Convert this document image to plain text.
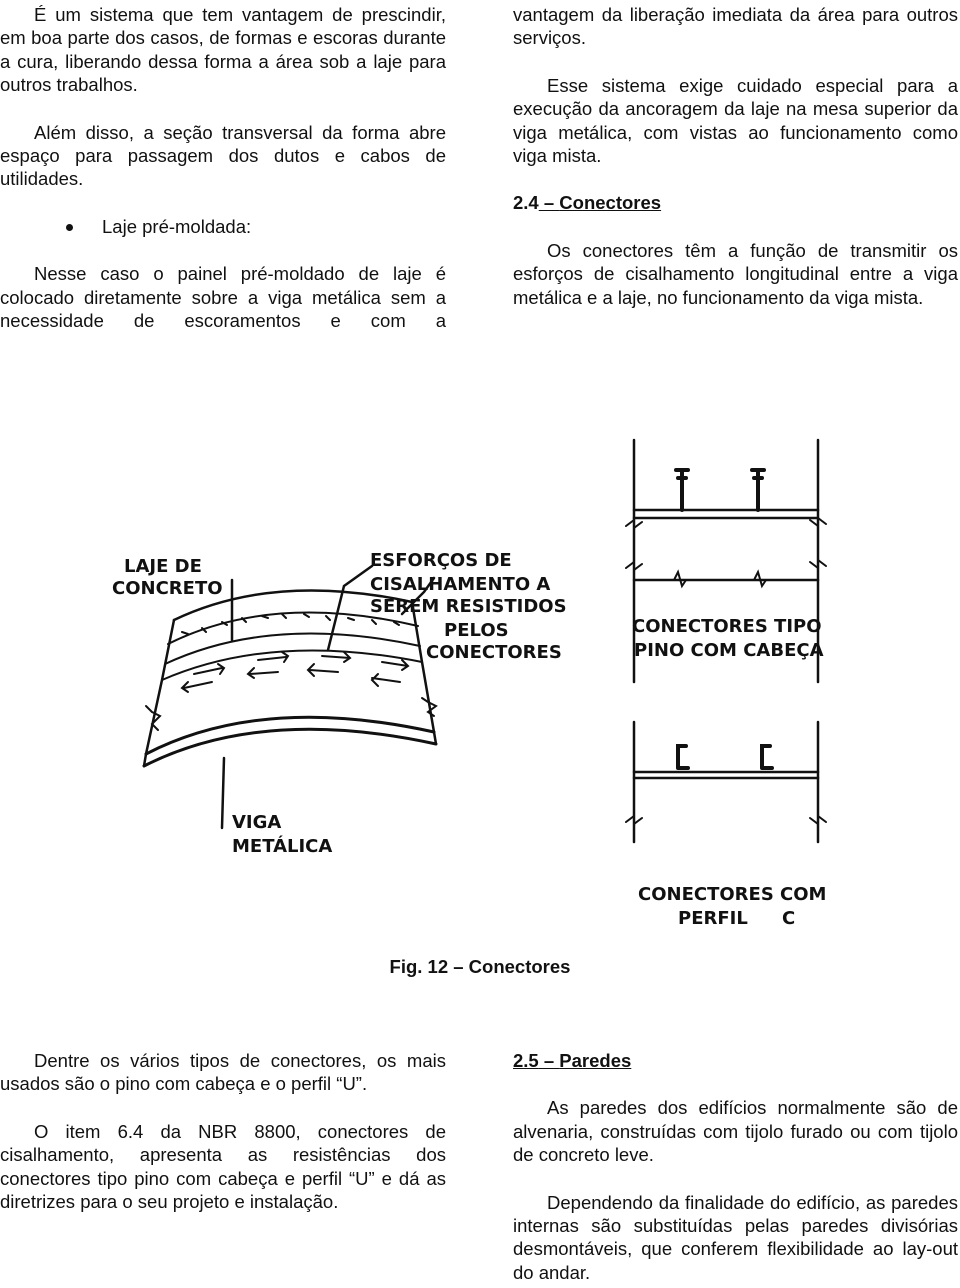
É um sistema que tem vantagem de prescindir, em boa parte dos casos, de formas e escoras durante a cura, liberando dessa forma a área sob a laje para outros trabalhos.

Além disso, a seção transversal da forma abre espaço para passagem dos dutos e cabos de utilidades.

Laje pré-moldada:

Nesse caso o painel pré-moldado de laje é colocado diretamente sobre a viga metálica sem a necessidade de escoramentos e com a

vantagem da liberação imediata da área para outros serviços.

Esse sistema exige cuidado especial para a execução da ancoragem da laje na mesa superior da viga metálica, com vistas ao funcionamento como viga mista.

2.4 – Conectores

Os conectores têm a função de transmitir os esforços de cisalhamento longitudinal entre a viga metálica e a laje, no funcionamento da viga mista.

LAJE DE
CONCRETO
ESFORÇOS DE
CISALHAMENTO A
SEREM RESISTIDOS
PELOS
CONECTORES
VIGA
METÁLICA
CONECTORES TIPO
PINO COM CABEÇA
CONECTORES COM
PERFIL C
Fig. 12 – Conectores

Dentre os vários tipos de conectores, os mais usados são o pino com cabeça e o perfil “U”.

O item 6.4 da NBR 8800, conectores de cisalhamento, apresenta as resistências dos conectores tipo pino com cabeça e perfil “U” e dá as diretrizes para o seu projeto e instalação.

2.5 – Paredes

As paredes dos edifícios normalmente são de alvenaria, construídas com tijolo furado ou com tijolo de concreto leve.

Dependendo da finalidade do edifício, as paredes internas são substituídas pelas paredes divisórias desmontáveis, que conferem flexibilidade ao lay-out do andar.
